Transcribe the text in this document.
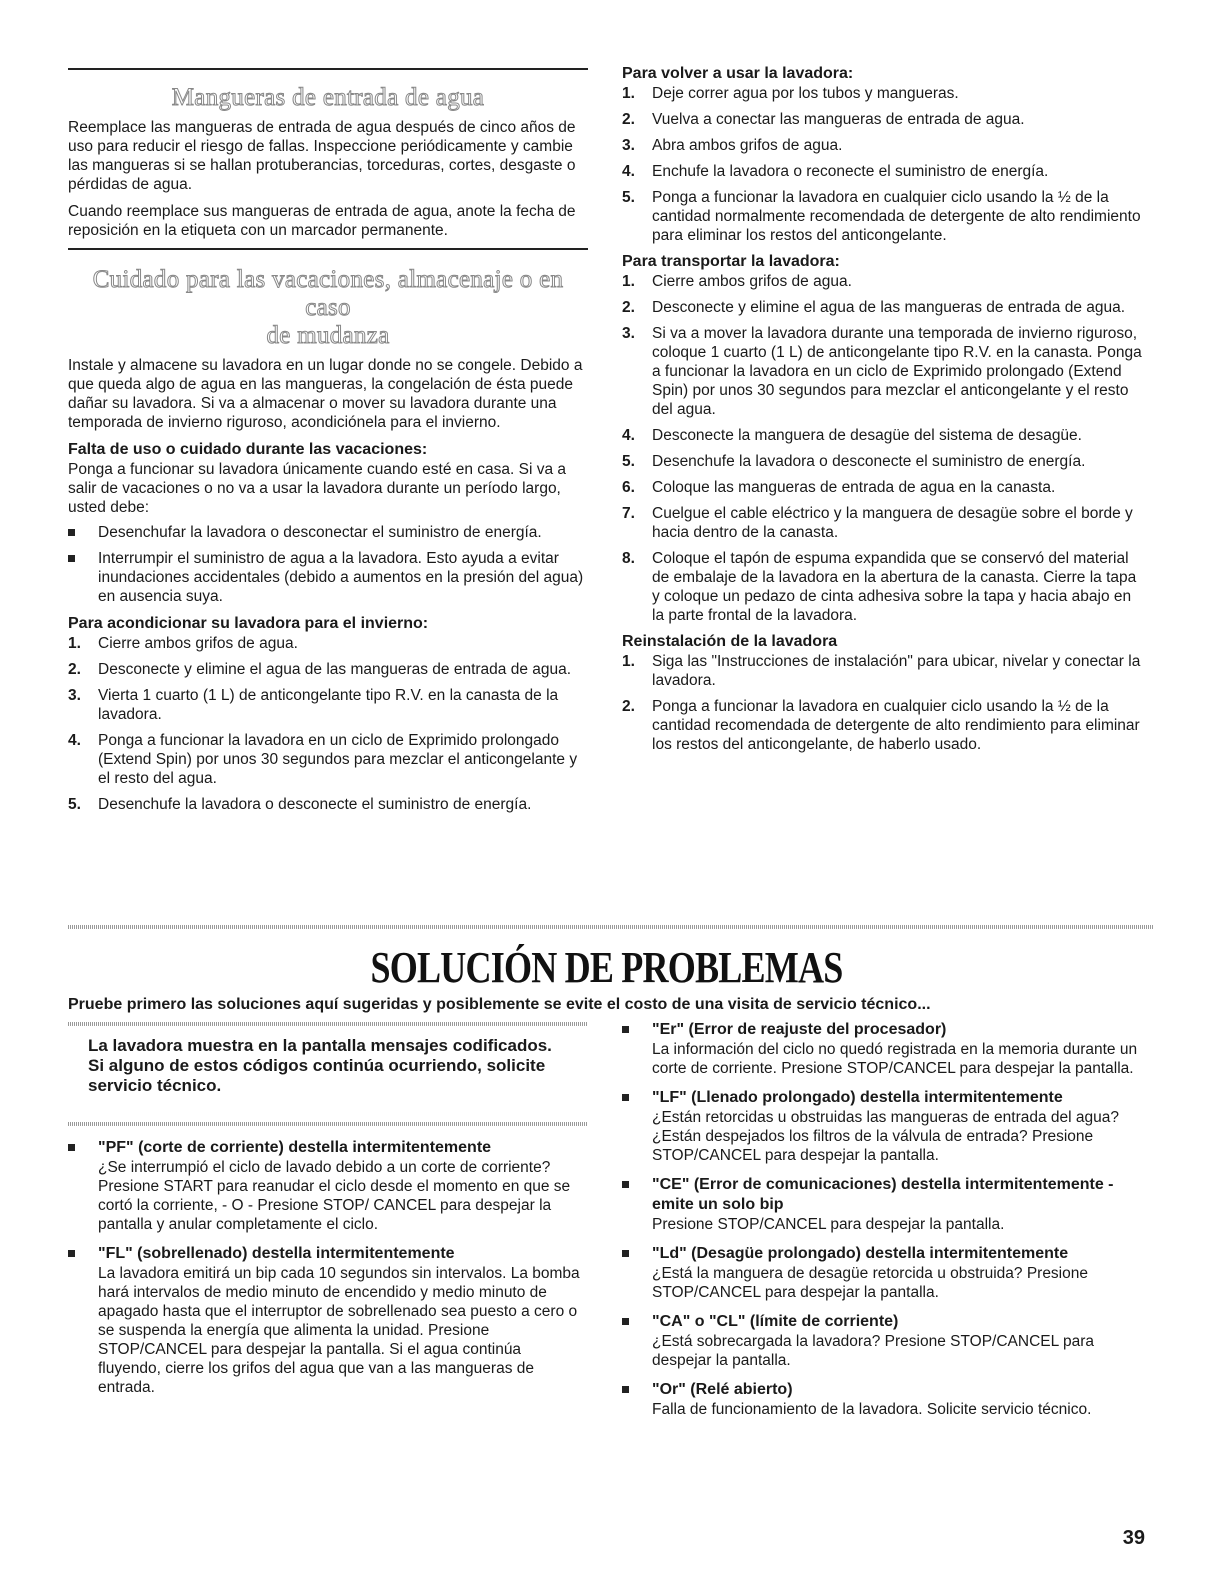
Mangueras de entrada de agua

Reemplace las mangueras de entrada de agua después de cinco años de uso para reducir el riesgo de fallas. Inspeccione periódicamente y cambie las mangueras si se hallan protuberancias, torceduras, cortes, desgaste o pérdidas de agua.

Cuando reemplace sus mangueras de entrada de agua, anote la fecha de reposición en la etiqueta con un marcador permanente.

Cuidado para las vacaciones, almacenaje o en caso
de mudanza

Instale y almacene su lavadora en un lugar donde no se congele. Debido a que queda algo de agua en las mangueras, la congelación de ésta puede dañar su lavadora. Si va a almacenar o mover su lavadora durante una temporada de invierno riguroso, acondiciónela para el invierno.

Falta de uso o cuidado durante las vacaciones:

Ponga a funcionar su lavadora únicamente cuando esté en casa. Si va a salir de vacaciones o no va a usar la lavadora durante un período largo, usted debe:

Desenchufar la lavadora o desconectar el suministro de energía.
Interrumpir el suministro de agua a la lavadora. Esto ayuda a evitar inundaciones accidentales (debido a aumentos en la presión del agua) en ausencia suya.
Para acondicionar su lavadora para el invierno:
1. Cierre ambos grifos de agua.
2. Desconecte y elimine el agua de las mangueras de entrada de agua.
3. Vierta 1 cuarto (1 L) de anticongelante tipo R.V. en la canasta de la lavadora.
4. Ponga a funcionar la lavadora en un ciclo de Exprimido prolongado (Extend Spin) por unos 30 segundos para mezclar el anticongelante y el resto del agua.
5. Desenchufe la lavadora o desconecte el suministro de energía.
Para volver a usar la lavadora:
1. Deje correr agua por los tubos y mangueras.
2. Vuelva a conectar las mangueras de entrada de agua.
3. Abra ambos grifos de agua.
4. Enchufe la lavadora o reconecte el suministro de energía.
5. Ponga a funcionar la lavadora en cualquier ciclo usando la ½ de la cantidad normalmente recomendada de detergente de alto rendimiento para eliminar los restos del anticongelante.
Para transportar la lavadora:
1. Cierre ambos grifos de agua.
2. Desconecte y elimine el agua de las mangueras de entrada de agua.
3. Si va a mover la lavadora durante una temporada de invierno riguroso, coloque 1 cuarto (1 L) de anticongelante tipo R.V. en la canasta. Ponga a funcionar la lavadora en un ciclo de Exprimido prolongado (Extend Spin) por unos 30 segundos para mezclar el anticongelante y el resto del agua.
4. Desconecte la manguera de desagüe del sistema de desagüe.
5. Desenchufe la lavadora o desconecte el suministro de energía.
6. Coloque las mangueras de entrada de agua en la canasta.
7. Cuelgue el cable eléctrico y la manguera de desagüe sobre el borde y hacia dentro de la canasta.
8. Coloque el tapón de espuma expandida que se conservó del material de embalaje de la lavadora en la abertura de la canasta. Cierre la tapa y coloque un pedazo de cinta adhesiva sobre la tapa y hacia abajo en la parte frontal de la lavadora.
Reinstalación de la lavadora
1. Siga las "Instrucciones de instalación" para ubicar, nivelar y conectar la lavadora.
2. Ponga a funcionar la lavadora en cualquier ciclo usando la ½ de la cantidad recomendada de detergente de alto rendimiento para eliminar los restos del anticongelante, de haberlo usado.
SOLUCIÓN DE PROBLEMAS
Pruebe primero las soluciones aquí sugeridas y posiblemente se evite el costo de una visita de servicio técnico...
La lavadora muestra en la pantalla mensajes codificados.
Si alguno de estos códigos continúa ocurriendo, solicite servicio técnico.
"PF" (corte de corriente) destella intermitentemente

¿Se interrumpió el ciclo de lavado debido a un corte de corriente? Presione START para reanudar el ciclo desde el momento en que se cortó la corriente, - O - Presione STOP/ CANCEL para despejar la pantalla y anular completamente el ciclo.

"FL" (sobrellenado) destella intermitentemente

La lavadora emitirá un bip cada 10 segundos sin intervalos. La bomba hará intervalos de medio minuto de encendido y medio minuto de apagado hasta que el interruptor de sobrellenado sea puesto a cero o se suspenda la energía que alimenta la unidad. Presione STOP/CANCEL para despejar la pantalla. Si el agua continúa fluyendo, cierre los grifos del agua que van a las mangueras de entrada.

"Er" (Error de reajuste del procesador)

La información del ciclo no quedó registrada en la memoria durante un corte de corriente. Presione STOP/CANCEL para despejar la pantalla.

"LF" (Llenado prolongado) destella intermitentemente

¿Están retorcidas u obstruidas las mangueras de entrada del agua? ¿Están despejados los filtros de la válvula de entrada? Presione STOP/CANCEL para despejar la pantalla.

"CE" (Error de comunicaciones) destella intermitentemente - emite un solo bip

Presione STOP/CANCEL para despejar la pantalla.

"Ld" (Desagüe prolongado) destella intermitentemente

¿Está la manguera de desagüe retorcida u obstruida? Presione STOP/CANCEL para despejar la pantalla.

"CA" o "CL" (límite de corriente)

¿Está sobrecargada la lavadora? Presione STOP/CANCEL para despejar la pantalla.

"Or" (Relé abierto)

Falla de funcionamiento de la lavadora. Solicite servicio técnico.

39
